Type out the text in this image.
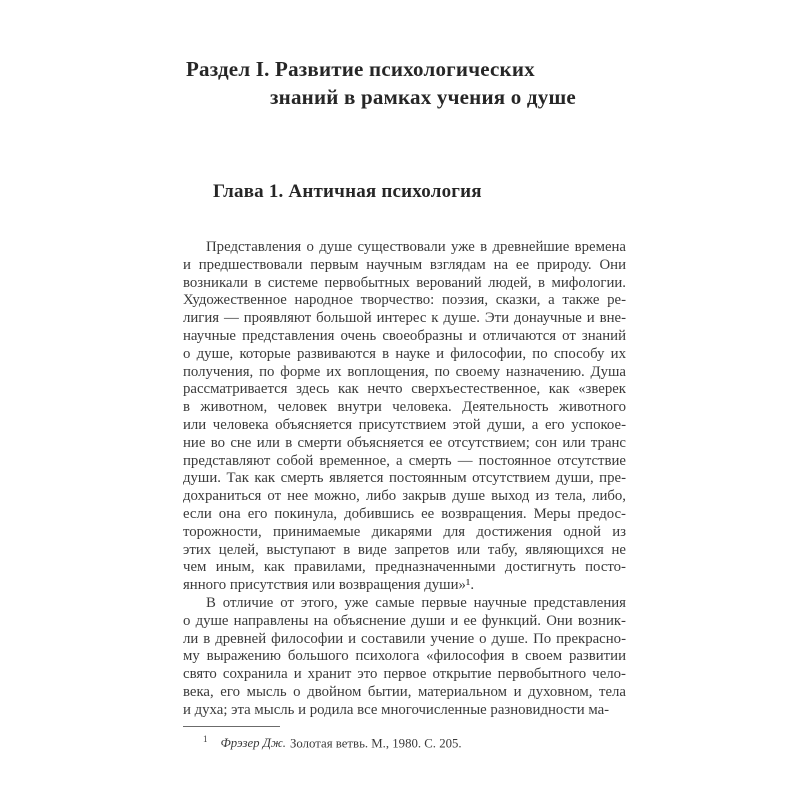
Раздел I. Развитие психологических
знаний в рамках учения о душе
Глава 1. Античная психология
Представления о душе существовали уже в древнейшие времена
и предшествовали первым научным взглядам на ее природу. Они
возникали в системе первобытных верований людей, в мифологии.
Художественное народное творчество: поэзия, сказки, а также ре-
лигия — проявляют большой интерес к душе. Эти донаучные и вне-
научные представления очень своеобразны и отличаются от знаний
о душе, которые развиваются в науке и философии, по способу их
получения, по форме их воплощения, по своему назначению. Душа
рассматривается здесь как нечто сверхъестественное, как «зверек
в животном, человек внутри человека. Деятельность животного
или человека объясняется присутствием этой души, а его успокое-
ние во сне или в смерти объясняется ее отсутствием; сон или транс
представляют собой временное, а смерть — постоянное отсутствие
души. Так как смерть является постоянным отсутствием души, пре-
дохраниться от нее можно, либо закрыв душе выход из тела, либо,
если она его покинула, добившись ее возвращения. Меры предос-
торожности, принимаемые дикарями для достижения одной из
этих целей, выступают в виде запретов или табу, являющихся не
чем иным, как правилами, предназначенными достигнуть посто-
янного присутствия или возвращения души»¹.
В отличие от этого, уже самые первые научные представления
о душе направлены на объяснение души и ее функций. Они возник-
ли в древней философии и составили учение о душе. По прекрасно-
му выражению большого психолога «философия в своем развитии
свято сохранила и хранит это первое открытие первобытного чело-
века, его мысль о двойном бытии, материальном и духовном, тела
и духа; эта мысль и родила все многочисленные разновидности ма-

$^1$ Фрэзер Дж. Золотая ветвь. М., 1980. С. 205.
